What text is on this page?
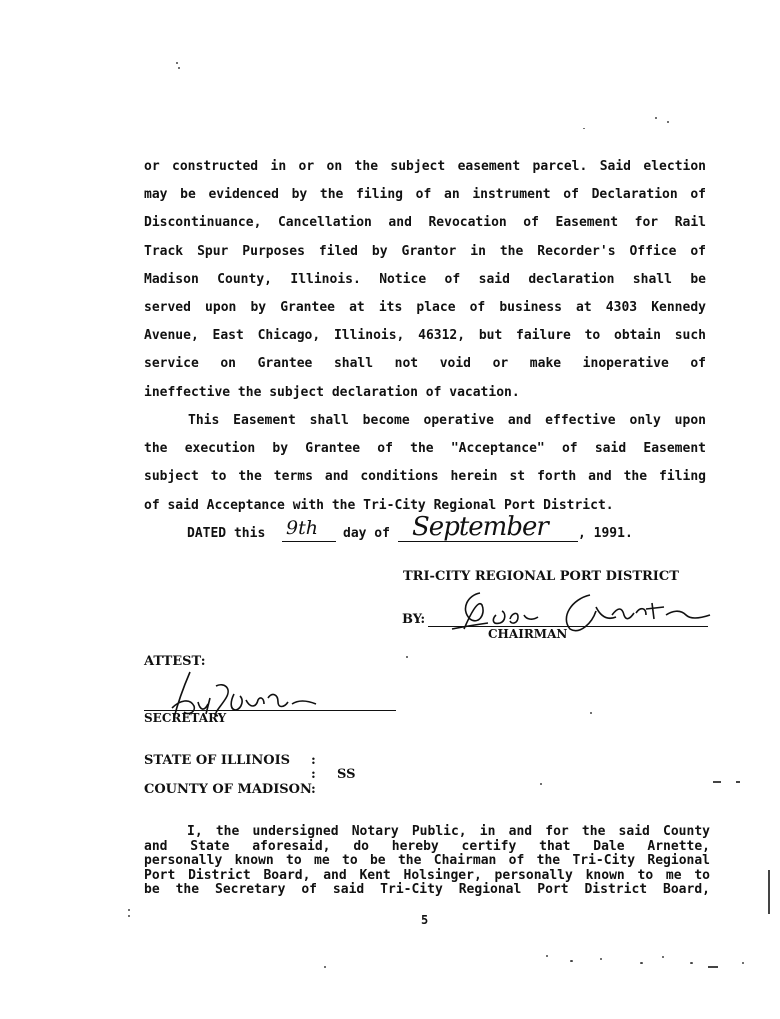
or constructed in or on the subject easement parcel. Said election
may be evidenced by the filing of an instrument of Declaration of
Discontinuance, Cancellation and Revocation of Easement for Rail
Track Spur Purposes filed by Grantor in the Recorder's Office of
Madison County, Illinois. Notice of said declaration shall be
served upon by Grantee at its place of business at 4303 Kennedy
Avenue, East Chicago, Illinois, 46312, but failure to obtain such
service on Grantee shall not void or make inoperative of
ineffective the subject declaration of vacation.
This Easement shall become operative and effective only upon
the execution by Grantee of the "Acceptance" of said Easement
subject to the terms and conditions herein st forth and the filing
of said Acceptance with the Tri-City Regional Port District.
DATED this 9th day of September , 1991.
TRI-CITY REGIONAL PORT DISTRICT
BY:
CHAIRMAN
ATTEST:
SECRETARY
STATE OF ILLINOIS :
: SS
COUNTY OF MADISON :
I, the undersigned Notary Public, in and for the said County
and State aforesaid, do hereby certify that Dale Arnette,
personally known to me to be the Chairman of the Tri-City Regional
Port District Board, and Kent Holsinger, personally known to me to
be the Secretary of said Tri-City Regional Port District Board,
5
